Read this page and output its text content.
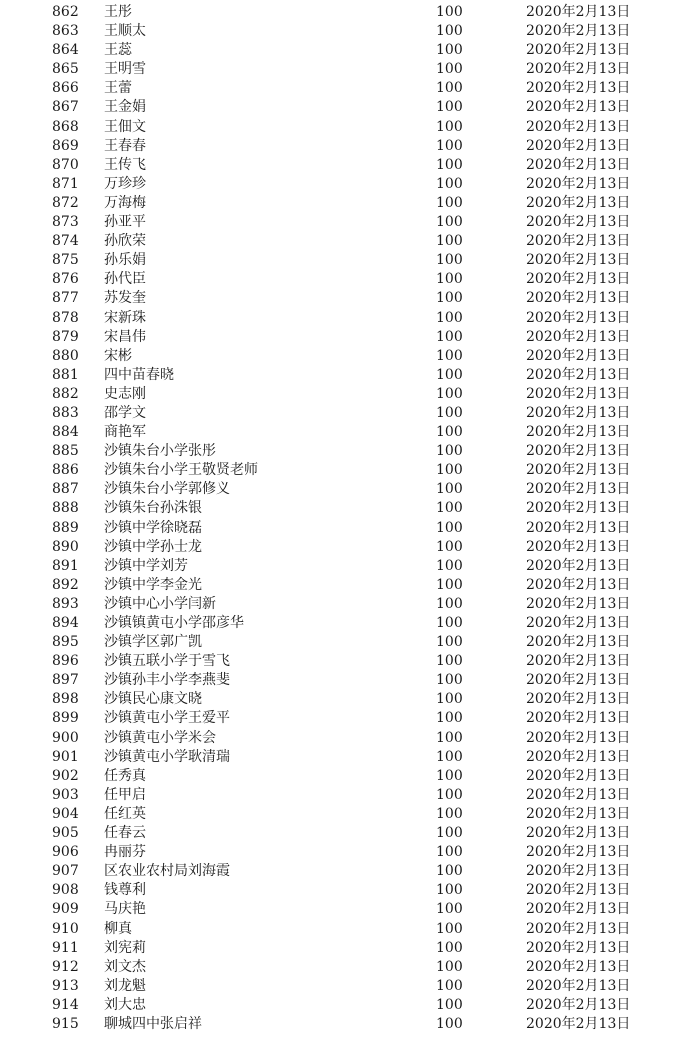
862	王彤	100	2020年2月13日
863	王顺太	100	2020年2月13日
864	王蕊	100	2020年2月13日
865	王明雪	100	2020年2月13日
866	王蕾	100	2020年2月13日
867	王金娟	100	2020年2月13日
868	王佃文	100	2020年2月13日
869	王春春	100	2020年2月13日
870	王传飞	100	2020年2月13日
871	万珍珍	100	2020年2月13日
872	万海梅	100	2020年2月13日
873	孙亚平	100	2020年2月13日
874	孙欣荣	100	2020年2月13日
875	孙乐娟	100	2020年2月13日
876	孙代臣	100	2020年2月13日
877	苏发奎	100	2020年2月13日
878	宋新珠	100	2020年2月13日
879	宋昌伟	100	2020年2月13日
880	宋彬	100	2020年2月13日
881	四中苗春晓	100	2020年2月13日
882	史志刚	100	2020年2月13日
883	邵学文	100	2020年2月13日
884	商艳军	100	2020年2月13日
885	沙镇朱台小学张彤	100	2020年2月13日
886	沙镇朱台小学王敬贤老师	100	2020年2月13日
887	沙镇朱台小学郭修义	100	2020年2月13日
888	沙镇朱台孙洙银	100	2020年2月13日
889	沙镇中学徐晓磊	100	2020年2月13日
890	沙镇中学孙士龙	100	2020年2月13日
891	沙镇中学刘芳	100	2020年2月13日
892	沙镇中学李金光	100	2020年2月13日
893	沙镇中心小学闫新	100	2020年2月13日
894	沙镇镇黄屯小学邵彦华	100	2020年2月13日
895	沙镇学区郭广凯	100	2020年2月13日
896	沙镇五联小学于雪飞	100	2020年2月13日
897	沙镇孙丰小学李燕斐	100	2020年2月13日
898	沙镇民心康文晓	100	2020年2月13日
899	沙镇黄屯小学王爱平	100	2020年2月13日
900	沙镇黄屯小学米会	100	2020年2月13日
901	沙镇黄屯小学耿清瑞	100	2020年2月13日
902	任秀真	100	2020年2月13日
903	任甲启	100	2020年2月13日
904	任红英	100	2020年2月13日
905	任春云	100	2020年2月13日
906	冉丽芬	100	2020年2月13日
907	区农业农村局刘海霞	100	2020年2月13日
908	钱尊利	100	2020年2月13日
909	马庆艳	100	2020年2月13日
910	柳真	100	2020年2月13日
911	刘宪莉	100	2020年2月13日
912	刘文杰	100	2020年2月13日
913	刘龙魁	100	2020年2月13日
914	刘大忠	100	2020年2月13日
915	聊城四中张启祥	100	2020年2月13日
